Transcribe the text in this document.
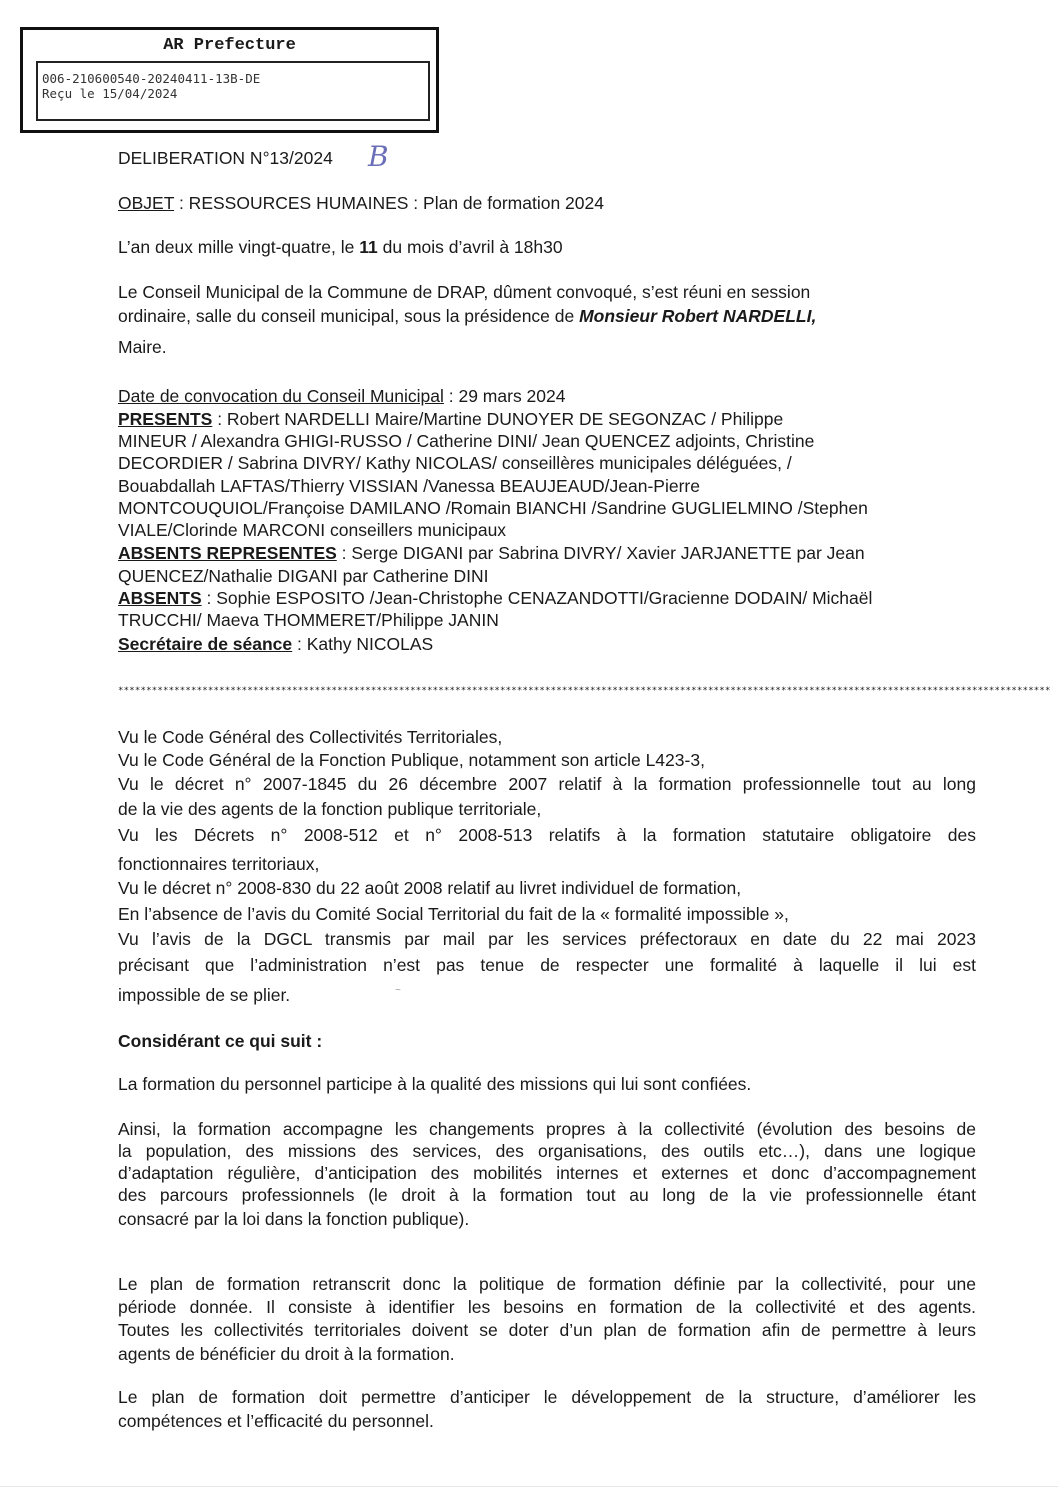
AR Prefecture
006-210600540-20240411-13B-DE
Reçu le 15/04/2024
DELIBERATION N°13/2024	B
OBJET : RESSOURCES HUMAINES : Plan de formation 2024
L’an deux mille vingt-quatre, le 11 du mois d’avril à 18h30
Le Conseil Municipal de la Commune de DRAP, dûment convoqué, s’est réuni en session
ordinaire, salle du conseil municipal, sous la présidence de Monsieur Robert NARDELLI,
Maire.
Date de convocation du Conseil Municipal : 29 mars 2024
PRESENTS : Robert NARDELLI Maire/Martine DUNOYER DE SEGONZAC / Philippe
MINEUR / Alexandra GHIGI-RUSSO / Catherine DINI/ Jean QUENCEZ adjoints, Christine
DECORDIER / Sabrina DIVRY/ Kathy NICOLAS/ conseillères municipales déléguées, /
Bouabdallah LAFTAS/Thierry VISSIAN /Vanessa BEAUJEAUD/Jean-Pierre
MONTCOUQUIOL/Françoise DAMILANO /Romain BIANCHI /Sandrine GUGLIELMINO /Stephen
VIALE/Clorinde MARCONI conseillers municipaux
ABSENTS REPRESENTES : Serge DIGANI par Sabrina DIVRY/ Xavier JARJANETTE par Jean
QUENCEZ/Nathalie DIGANI par Catherine DINI
ABSENTS : Sophie ESPOSITO /Jean-Christophe CENAZANDOTTI/Gracienne DODAIN/ Michaël
TRUCCHI/ Maeva THOMMERET/Philippe JANIN
Secrétaire de séance : Kathy NICOLAS
**********************************************************************************************************************************************************************
Vu le Code Général des Collectivités Territoriales,
Vu le Code Général de la Fonction Publique, notamment son article L423-3,
Vu le décret n° 2007-1845 du 26 décembre 2007 relatif à la formation professionnelle tout au long
de la vie des agents de la fonction publique territoriale,
Vu les Décrets n° 2008-512 et n° 2008-513 relatifs à la formation statutaire obligatoire des
fonctionnaires territoriaux,
Vu le décret n° 2008-830 du 22 août 2008 relatif au livret individuel de formation,
En l’absence de l’avis du Comité Social Territorial du fait de la « formalité impossible »,
Vu l’avis de la DGCL transmis par mail par les services préfectoraux en date du 22 mai 2023
précisant que l’administration n’est pas tenue de respecter une formalité à laquelle il lui est
impossible de se plier.	~
Considérant ce qui suit :
La formation du personnel participe à la qualité des missions qui lui sont confiées.
Ainsi, la formation accompagne les changements propres à la collectivité (évolution des besoins de
la population, des missions des services, des organisations, des outils etc…), dans une logique
d’adaptation régulière, d’anticipation des mobilités internes et externes et donc d’accompagnement
des parcours professionnels (le droit à la formation tout au long de la vie professionnelle étant
consacré par la loi dans la fonction publique).
Le plan de formation retranscrit donc la politique de formation définie par la collectivité, pour une
période donnée. Il consiste à identifier les besoins en formation de la collectivité et des agents.
Toutes les collectivités territoriales doivent se doter d’un plan de formation afin de permettre à leurs
agents de bénéficier du droit à la formation.
Le plan de formation doit permettre d’anticiper le développement de la structure, d’améliorer les
compétences et l’efficacité du personnel.
